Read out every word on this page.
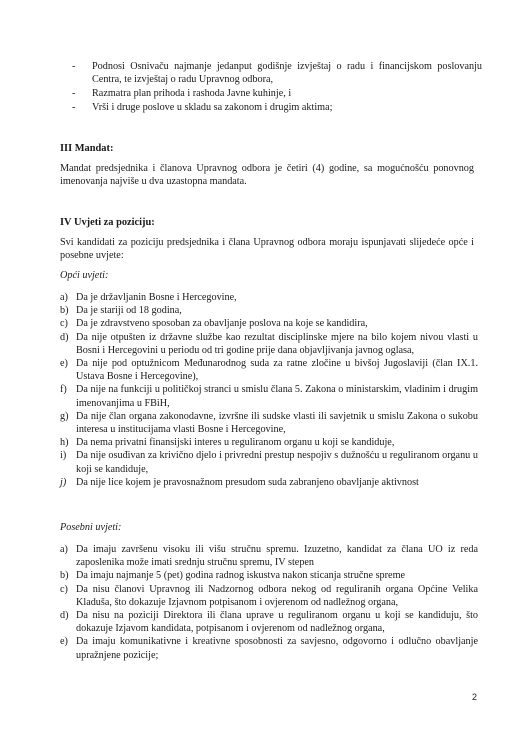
-	Podnosi Osnivaču najmanje jedanput godišnje izvještaj o radu i financijskom poslovanju Centra, te izvještaj o radu Upravnog odbora,
-	Razmatra plan prihoda i rashoda Javne kuhinje, i
-	Vrši i druge poslove u skladu sa zakonom i drugim aktima;
III Mandat:
Mandat predsjednika i članova Upravnog odbora je četiri (4) godine, sa mogućnošću ponovnog imenovanja najviše u dva uzastopna mandata.
IV Uvjeti za poziciju:
Svi kandidati za poziciju predsjednika i člana Upravnog odbora moraju ispunjavati slijedeće opće i posebne uvjete:
Opći uvjeti:
a) Da je državljanin Bosne i Hercegovine,
b) Da je stariji od 18 godina,
c) Da je zdravstveno sposoban za obavljanje poslova na koje se kandidira,
d) Da nije otpušten iz državne službe kao rezultat disciplinske mjere na bilo kojem nivou vlasti u Bosni i Hercegovini u periodu od tri godine prije dana objavljivanja javnog oglasa,
e) Da nije pod optužnicom Međunarodnog suda za ratne zločine u bivšoj Jugoslaviji (član IX.1. Ustava Bosne i Hercegovine),
f) Da nije na funkciji u političkoj stranci u smislu člana 5. Zakona o ministarskim, vladinim i drugim imenovanjima u FBiH,
g) Da nije član organa zakonodavne, izvršne ili sudske vlasti ili savjetnik u smislu Zakona o sukobu interesa u institucijama vlasti Bosne i Hercegovine,
h) Da nema privatni finansijski interes u reguliranom organu u koji se kandiduje,
i) Da nije osuđivan za krivično djelo i privredni prestup nespojiv s dužnošću u reguliranom organu u koji se kandiduje,
j) Da nije lice kojem je pravosnažnom presudom suda zabranjeno obavljanje aktivnost
Posebni uvjeti:
a) Da imaju završenu visoku ili višu stručnu spremu. Izuzetno, kandidat za člana UO iz reda zaposlenika može imati srednju stručnu spremu, IV stepen
b) Da imaju najmanje 5 (pet) godina radnog iskustva nakon sticanja stručne spreme
c) Da nisu članovi Upravnog ili Nadzornog odbora nekog od reguliranih organa Općine Velika Kladuša, što dokazuje Izjavnom potpisanom i ovjerenom od nadležnog organa,
d) Da nisu na poziciji Direktora ili člana uprave u reguliranom organu u koji se kandiduju, što dokazuje Izjavom kandidata, potpisanom i ovjerenom od nadležnog organa,
e) Da imaju komunikativne i kreativne sposobnosti za savjesno, odgovorno i odlučno obavljanje upražnjene pozicije;
2
